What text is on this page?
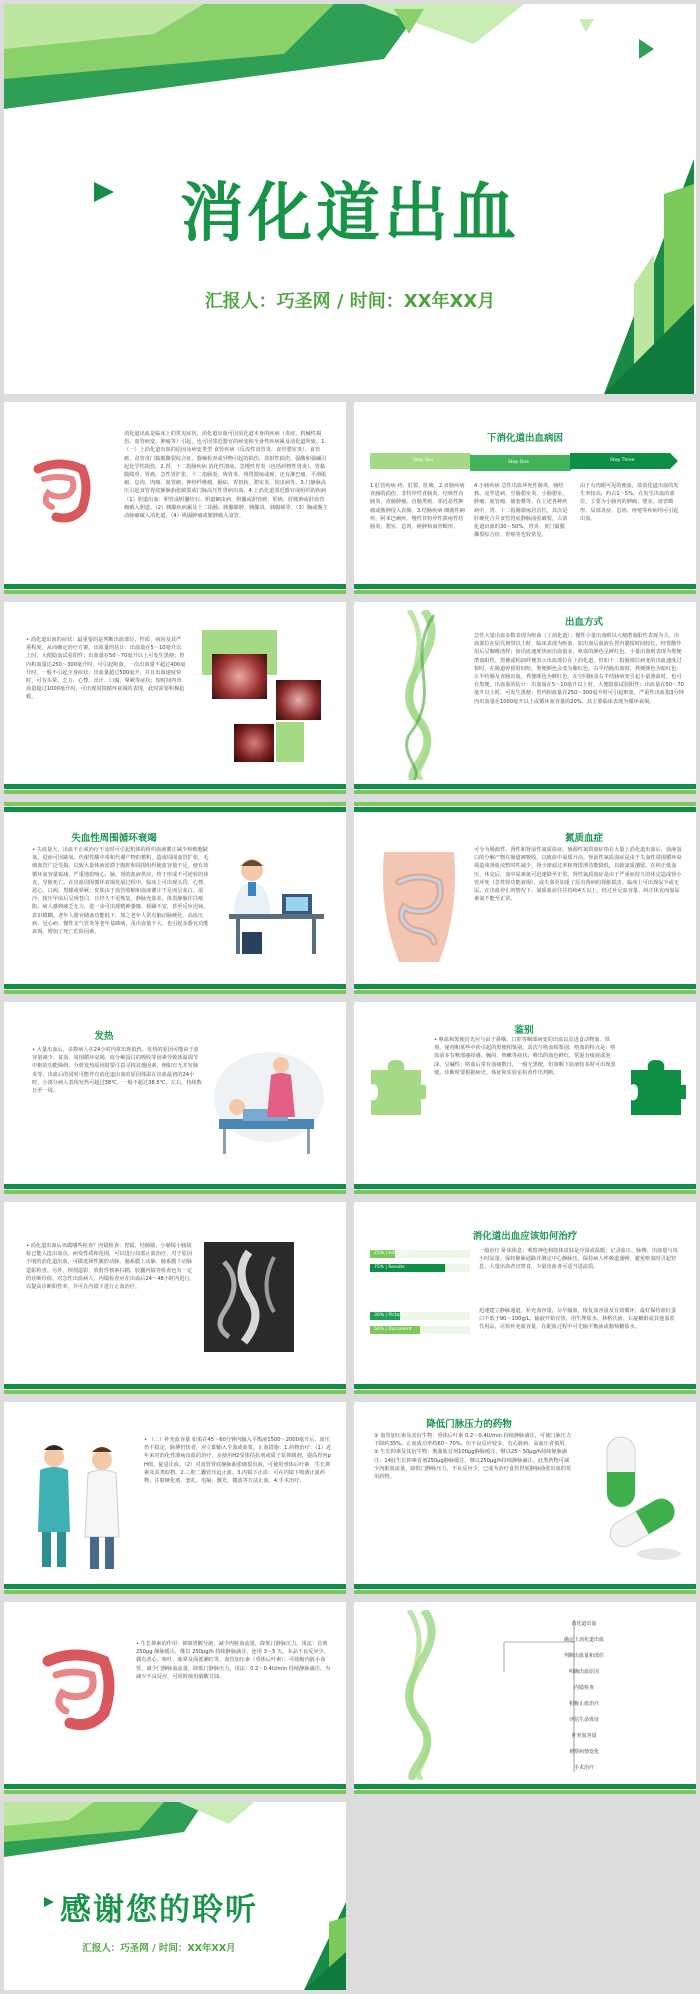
消化道出血
汇报人：巧圣网 / 时间：XX年XX月
消化道出血是临床上的常见症状，消化道出血可因消化道本身的疾病（炎症、机械性损伤、血管病变、肿瘤等）引起，也可因邻近器官的病变和全身性疾病累及消化道所致。1.（一）上消化道出血的原因及病变类型 食管疾病（反流性食管炎、食管憩室炎）、食管癌、食管贲门黏膜撕裂综合征、器械检查或异物引起的损伤、放射性损伤、强酸和强碱引起化学性损伤。2.胃、十二指肠疾病 消化性溃疡、急慢性胃炎（包括药物性胃炎）、胃黏膜脱垂、胃癌、急性胃扩张、十二指肠炎、残胃炎、残胃溃疡或癌，还有淋巴瘤、平滑肌瘤、息肉、肉瘤、血管瘤、神经纤维瘤、膈疝、胃扭转、憩室炎、钩虫病等。3.门静脉高压引起食管胃底静脉曲张破裂或门脉高压性胃病出血。4.上消化道邻近器官或组织的疾病（1）胆道出血：胆管或胆囊结石、胆道蛔虫病、胆囊或胆管癌、肝癌、肝脓肿或肝血管瘤破入胆道。（2）胰腺疾病累及十二指肠，胰腺脓肿、胰腺炎、胰腺癌等。（3）胸或腹主动脉瘤破入消化道。（4）纵隔肿瘤或脓肿破入食管。
下消化道出血病因
Step Two	Step One	Step Three
1.肛管疾病 痔、肛裂、肛瘘。2.直肠疾病 直肠的损伤、非特异性直肠炎、结核性直肠炎、直肠肿瘤、直肠类癌、邻近恶性肿瘤或脓肿侵入直肠。3.结肠疾病 细菌性痢疾、阿米巴痢疾、慢性非特异性溃疡性结肠炎、憩室、息肉、癌肿和血管畸形。
4.小肠疾病 急性出血坏死性肠炎、肠结核、克罗恩病、空肠憩室炎、小肠憩室、肿瘤、血管瘤、肠套叠等。在上述各种疾病中，胃、十二指肠溃疡居首位，其次是肝硬化合并食管胃底静脉曲张破裂，占消化道出血的30～50%。胃炎、贲门黏膜撕裂综合征、胃癌等也较常见。
由于有肉眼可见的便血，故消化道出血的发生率较高，约占1～5%。在发生出血的部位，主要为小肠内的肿瘤、憩室、血管畸形、局部炎症、息肉、痔疮等疾病均可引起出血。
• 消化道出血的症状：最重要的是判断出血部位、性质、病因及其严重程度，从而确定治疗方案。出血量的估计：出血量在5～10毫升以上时，大便隐血试验阳性；出血量在50～70毫升以上可发生黑便；胃内积血量达250～300毫升时，可引起呕血。一次出血量不超过400毫升时，一般不引起全身症状；出血量超过500毫升，并且出血速度快时，可有头晕、乏力、心悸、出汗、口渴、晕厥等症状；短时间内出血量超过1000毫升时，可出现周围循环衰竭的表现，此时需要积极抢救。
出血方式
急性大量出血多数表现为呕血（上消化道）；慢性小量出血则以大便潜血阳性表现为主。出血部位在屈氏韧带以上时，临床表现为呕血，如出血后血液在胃内潴留时间较长，经胃酸作用后呈咖啡渣样；如出血速度快而出血量多，呕血的颜色呈鲜红色。小量出血则表现为粪便潜血阳性。黑便或柏油样便表示出血部位在上消化道，但如十二指肠部位病变的出血速度过快时，在肠道停留时间短，粪便颜色会变为紫红色。右半结肠出血时，粪便颜色为暗红色；左半结肠及直肠出血，粪便颜色为鲜红色。在空回肠及右半结肠病变引起小量渗血时，也可有黑便。出血量的估计：出血量在5～10毫升以上时，大便隐血试验阳性；出血量在50～70毫升以上时，可发生黑便；胃内积血量在250～300毫升时可引起呕血。严重性出血指3分钟内出血量在1000毫升以上或循环血容量的20%，其主要临床表现为循环衰竭。
失血性周围循环衰竭
• 失血量大、出血不止或治疗不及时可引起机体的组织血液灌注减少和细胞缺氧。进而可因缺氧、代谢性酸中毒和代谢产物的蓄积，造成周围血管扩张，毛细血管广泛受损，以致大量体液淤滞于腹腔和周围组织使血容量不足，使有效循环血容量锐减，严重地影响心、脑、肾的血液供应，终于形成不可逆转的休克，导致死亡。在出血周围循环衰竭发展过程中，临床上可出现头昏、心悸、恶心、口渴、黑矇或晕厥；皮肤由于血管收缩和血液灌注不足而呈灰白、湿冷；按压甲床后呈现苍白，且经久不见恢复。静脉充盈差，体表静脉往往瘪陷。病人感到疲乏无力，进一步可出现精神萎靡、烦躁不安，甚至反应迟钝、意识模糊。老年人器官储备功能低下，加之老年人常有脑动脉硬化、高血压病、冠心病、慢性支气管炎等老年基础病，虽出血量不大，也引起多器官功能衰竭，增加了死亡危险因素。
氮质血症
可分为肠源性、肾性和肾前性氮质血症。肠源性氮质血症指在大量上消化道出血后，血液蛋白的分解产物在肠道被吸收，以致血中氮质升高。肾前性氮质血症是由于失血性周围循环衰竭造成肾血流暂时性减少，肾小球滤过率和肾排泄功能降低，以致氮质潴留。在纠正低血压、休克后，血中尿素氮可迅速降至正常。肾性氮质血症是由于严重而持久的休克造成肾小管坏死（急性肾功能衰竭），或失血更加重了原有肾病的肾脏损害。临床上可出现尿少或无尿。在出血停止的情况下，氮质血症往往持续4天以上，经过补足血容量、纠正休克而血尿素氮不能至正常。
发热
• 大量出血后，多数病人在24小时内常出现低热。发热的原因可能由于血容量减少、贫血、周围循环衰竭、血分解蛋白的吸收等因素导致体温调节中枢的功能障碍。分析发热原因时要注意寻找其他因素，例如有无并发肺炎等。出血后的同时可能伴有消化道出血的原因体温在出血最初的24小时，小部分病人表现发热可超过38℃，一般不超过38.5℃。左右，持续数日至一周。
鉴别
• 呕血和黑便首先应与由于鼻咽、口腔等咽部病变的出血以及进食动物血、铁剂、铋剂和某些中药引起的黑便相鉴别。其次与咯血相鉴别，咯血的特点是：咯血前多有喉部瘙痒感、胸闷、咳嗽等症状；咯出的血色鲜红，常混有痰液或泡沫，呈碱性；咯血后常有血痰数日，一般无黑便，但如咽下血液较多时可出现黑便。诊断时要根据病史、体征和实验室检查作出判断。
• 消化道出血后该做哪些检查？内镜检查：胃镜、结肠镜、小肠镜小肠镜检已能入选出血点。病变性质和范围，可以进行局部止血治疗。对于原因不明的消化道出血，可做选择性腹腔动脉、肠系膜上动脉、肠系膜下动脉造影检查。另外，钡剂造影、放射性核素扫描、胶囊内镜等检查也有一定的诊断价值。对急性出血病人，内镜检查应在出血后24～48小时内进行，以提高诊断阳性率，并可在内镜下进行止血治疗。
消化道出血应该如何治疗
25% | Education
75% | Results
一般治疗 卧床休息；观察神色和肢体皮肤是冷湿或温暖；记录血压、脉搏、出血量与每小时尿量；保持静脉通路并测定中心静脉压。保持病人呼吸道通畅，避免呕血时引起窒息。大量出血者宜禁食，少量出血者可适当进流质。
30% | Pictures
50% | Document
迅速建立静脉通道，补充血容量，尽早输血，恢复血容量及有效循环，最好保持血红蛋白不低于90～100g/L。输液开始宜快，用生理盐水、林格氏液、右旋糖酐或其他血浆代用品，尽快补充血容量，在配血过程中可先输平衡液或葡萄糖盐水。
• （二）补充血容量 如果在45～60分钟内输入平衡液1500～2000毫升后，血压仍不稳定、脉搏仍快者，应立即输入全血或血浆。止血措施：1.药物治疗：（1）近年来对消化性溃疡出血的治疗，多使用H2受体拮抗剂或质子泵抑制剂，提高胃内pH值，促进止血。（2）对食管胃底静脉曲张破裂出血，可使用垂体后叶素、生长抑素及其类似物。2.三腔二囊管压迫止血。3.内镜下止血：可在内镜下喷洒止血药物、注射硬化剂、套扎、电凝、激光、微波等方法止血。4.手术治疗。
降低门脉压力的药物
① 血管加压素及其衍生物：垂体后叶素 0.2～0.4U/min 持续静脉滴注，可使门脉压力下降约35%，止血成功率约60～70%。但不良反应较多，有心脏病、高血压者慎用。② 生长抑素及其衍生物：奥曲肽首剂100μg静脉缓注，继以25～50μg/h持续静脉滴注；14肽生长抑素首剂250μg静脉缓注，继以250μg/h持续静脉滴注。此类药物可减少内脏血流量，降低门静脉压力，不良反应少，已成为治疗食管胃底静脉曲张出血的常用药物。
• 生长抑素的作用：抑制胃酸分泌，减少内脏血流量，降低门静脉压力。用法：首剂 250μg 静脉缓注，继以 250μg/h 持续静脉滴注，连用 3～5 天。本品不良反应少，偶有恶心、呕吐、眩晕及面部潮红等。血管加压素（垂体后叶素）：可收缩内脏小血管，减少门静脉血流量，降低门静脉压力。用法：0.2～0.4U/min 持续静脉滴注。为减少不良反应，可同时使用硝酸甘油。
消化道出血
确定上消化道出血
判断出血量和部位
明确出血原因
内镜检查
积极止血治疗
评估生命体征
补充血容量
观察病情变化
手术治疗
感谢您的聆听
汇报人：巧圣网 / 时间：XX年XX月
